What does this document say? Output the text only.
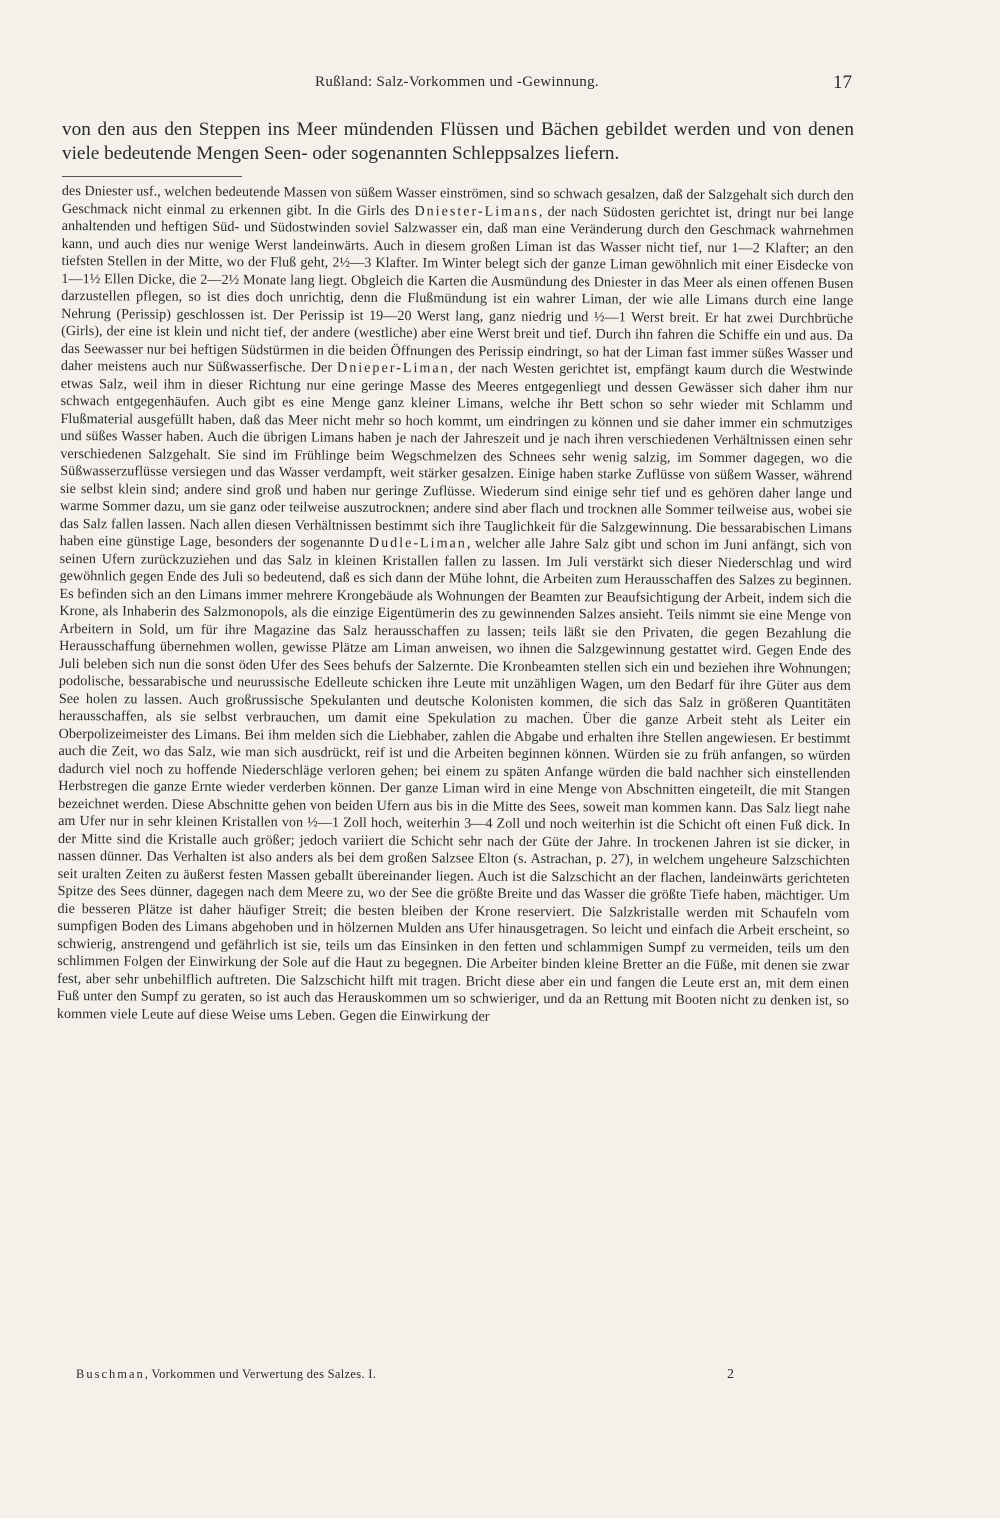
Rußland: Salz-Vorkommen und -Gewinnung.	17

von den aus den Steppen ins Meer mündenden Flüssen und Bächen gebildet werden und von denen viele bedeutende Mengen Seen- oder sogenannten Schleppsalzes liefern.

des Dniester usf., welchen bedeutende Massen von süßem Wasser einströmen, sind so schwach gesalzen, daß der Salzgehalt sich durch den Geschmack nicht einmal zu erkennen gibt. In die Girls des Dniester-Limans, der nach Südosten gerichtet ist, dringt nur bei lange anhaltenden und heftigen Süd- und Südostwinden soviel Salzwasser ein, daß man eine Veränderung durch den Geschmack wahrnehmen kann, und auch dies nur wenige Werst landeinwärts. Auch in diesem großen Liman ist das Wasser nicht tief, nur 1—2 Klafter; an den tiefsten Stellen in der Mitte, wo der Fluß geht, 2½—3 Klafter. Im Winter belegt sich der ganze Liman gewöhnlich mit einer Eisdecke von 1—1½ Ellen Dicke, die 2—2½ Monate lang liegt. Obgleich die Karten die Ausmündung des Dniester in das Meer als einen offenen Busen darzustellen pflegen, so ist dies doch unrichtig, denn die Flußmündung ist ein wahrer Liman, der wie alle Limans durch eine lange Nehrung (Perissip) geschlossen ist. Der Perissip ist 19—20 Werst lang, ganz niedrig und ½—1 Werst breit. Er hat zwei Durchbrüche (Girls), der eine ist klein und nicht tief, der andere (westliche) aber eine Werst breit und tief. Durch ihn fahren die Schiffe ein und aus. Da das Seewasser nur bei heftigen Südstürmen in die beiden Öffnungen des Perissip eindringt, so hat der Liman fast immer süßes Wasser und daher meistens auch nur Süßwasserfische. Der Dnieper-Liman, der nach Westen gerichtet ist, empfängt kaum durch die Westwinde etwas Salz, weil ihm in dieser Richtung nur eine geringe Masse des Meeres entgegenliegt und dessen Gewässer sich daher ihm nur schwach entgegenhäufen. Auch gibt es eine Menge ganz kleiner Limans, welche ihr Bett schon so sehr wieder mit Schlamm und Flußmaterial ausgefüllt haben, daß das Meer nicht mehr so hoch kommt, um eindringen zu können und sie daher immer ein schmutziges und süßes Wasser haben. Auch die übrigen Limans haben je nach der Jahreszeit und je nach ihren verschiedenen Verhältnissen einen sehr verschiedenen Salzgehalt. Sie sind im Frühlinge beim Wegschmelzen des Schnees sehr wenig salzig, im Sommer dagegen, wo die Süßwasserzuflüsse versiegen und das Wasser verdampft, weit stärker gesalzen. Einige haben starke Zuflüsse von süßem Wasser, während sie selbst klein sind; andere sind groß und haben nur geringe Zuflüsse. Wiederum sind einige sehr tief und es gehören daher lange und warme Sommer dazu, um sie ganz oder teilweise auszutrocknen; andere sind aber flach und trocknen alle Sommer teilweise aus, wobei sie das Salz fallen lassen. Nach allen diesen Verhältnissen bestimmt sich ihre Tauglichkeit für die Salzgewinnung. Die bessarabischen Limans haben eine günstige Lage, besonders der sogenannte Dudle-Liman, welcher alle Jahre Salz gibt und schon im Juni anfängt, sich von seinen Ufern zurückzuziehen und das Salz in kleinen Kristallen fallen zu lassen. Im Juli verstärkt sich dieser Niederschlag und wird gewöhnlich gegen Ende des Juli so bedeutend, daß es sich dann der Mühe lohnt, die Arbeiten zum Herausschaffen des Salzes zu beginnen. Es befinden sich an den Limans immer mehrere Krongebäude als Wohnungen der Beamten zur Beaufsichtigung der Arbeit, indem sich die Krone, als Inhaberin des Salzmonopols, als die einzige Eigentümerin des zu gewinnenden Salzes ansieht. Teils nimmt sie eine Menge von Arbeitern in Sold, um für ihre Magazine das Salz herausschaffen zu lassen; teils läßt sie den Privaten, die gegen Bezahlung die Herausschaffung übernehmen wollen, gewisse Plätze am Liman anweisen, wo ihnen die Salzgewinnung gestattet wird. Gegen Ende des Juli beleben sich nun die sonst öden Ufer des Sees behufs der Salzernte. Die Kronbeamten stellen sich ein und beziehen ihre Wohnungen; podolische, bessarabische und neurussische Edelleute schicken ihre Leute mit unzähligen Wagen, um den Bedarf für ihre Güter aus dem See holen zu lassen. Auch großrussische Spekulanten und deutsche Kolonisten kommen, die sich das Salz in größeren Quantitäten herausschaffen, als sie selbst verbrauchen, um damit eine Spekulation zu machen. Über die ganze Arbeit steht als Leiter ein Oberpolizeimeister des Limans. Bei ihm melden sich die Liebhaber, zahlen die Abgabe und erhalten ihre Stellen angewiesen. Er bestimmt auch die Zeit, wo das Salz, wie man sich ausdrückt, reif ist und die Arbeiten beginnen können. Würden sie zu früh anfangen, so würden dadurch viel noch zu hoffende Niederschläge verloren gehen; bei einem zu späten Anfange würden die bald nachher sich einstellenden Herbstregen die ganze Ernte wieder verderben können. Der ganze Liman wird in eine Menge von Abschnitten eingeteilt, die mit Stangen bezeichnet werden. Diese Abschnitte gehen von beiden Ufern aus bis in die Mitte des Sees, soweit man kommen kann. Das Salz liegt nahe am Ufer nur in sehr kleinen Kristallen von ½—1 Zoll hoch, weiterhin 3—4 Zoll und noch weiterhin ist die Schicht oft einen Fuß dick. In der Mitte sind die Kristalle auch größer; jedoch variiert die Schicht sehr nach der Güte der Jahre. In trockenen Jahren ist sie dicker, in nassen dünner. Das Verhalten ist also anders als bei dem großen Salzsee Elton (s. Astrachan, p. 27), in welchem ungeheure Salzschichten seit uralten Zeiten zu äußerst festen Massen geballt übereinander liegen. Auch ist die Salzschicht an der flachen, landeinwärts gerichteten Spitze des Sees dünner, dagegen nach dem Meere zu, wo der See die größte Breite und das Wasser die größte Tiefe haben, mächtiger. Um die besseren Plätze ist daher häufiger Streit; die besten bleiben der Krone reserviert. Die Salzkristalle werden mit Schaufeln vom sumpfigen Boden des Limans abgehoben und in hölzernen Mulden ans Ufer hinausgetragen. So leicht und einfach die Arbeit erscheint, so schwierig, anstrengend und gefährlich ist sie, teils um das Einsinken in den fetten und schlammigen Sumpf zu vermeiden, teils um den schlimmen Folgen der Einwirkung der Sole auf die Haut zu begegnen. Die Arbeiter binden kleine Bretter an die Füße, mit denen sie zwar fest, aber sehr unbehilflich auftreten. Die Salzschicht hilft mit tragen. Bricht diese aber ein und fangen die Leute erst an, mit dem einen Fuß unter den Sumpf zu geraten, so ist auch das Herauskommen um so schwieriger, und da an Rettung mit Booten nicht zu denken ist, so kommen viele Leute auf diese Weise ums Leben. Gegen die Einwirkung der

Buschman, Vorkommen und Verwertung des Salzes. I.	2
